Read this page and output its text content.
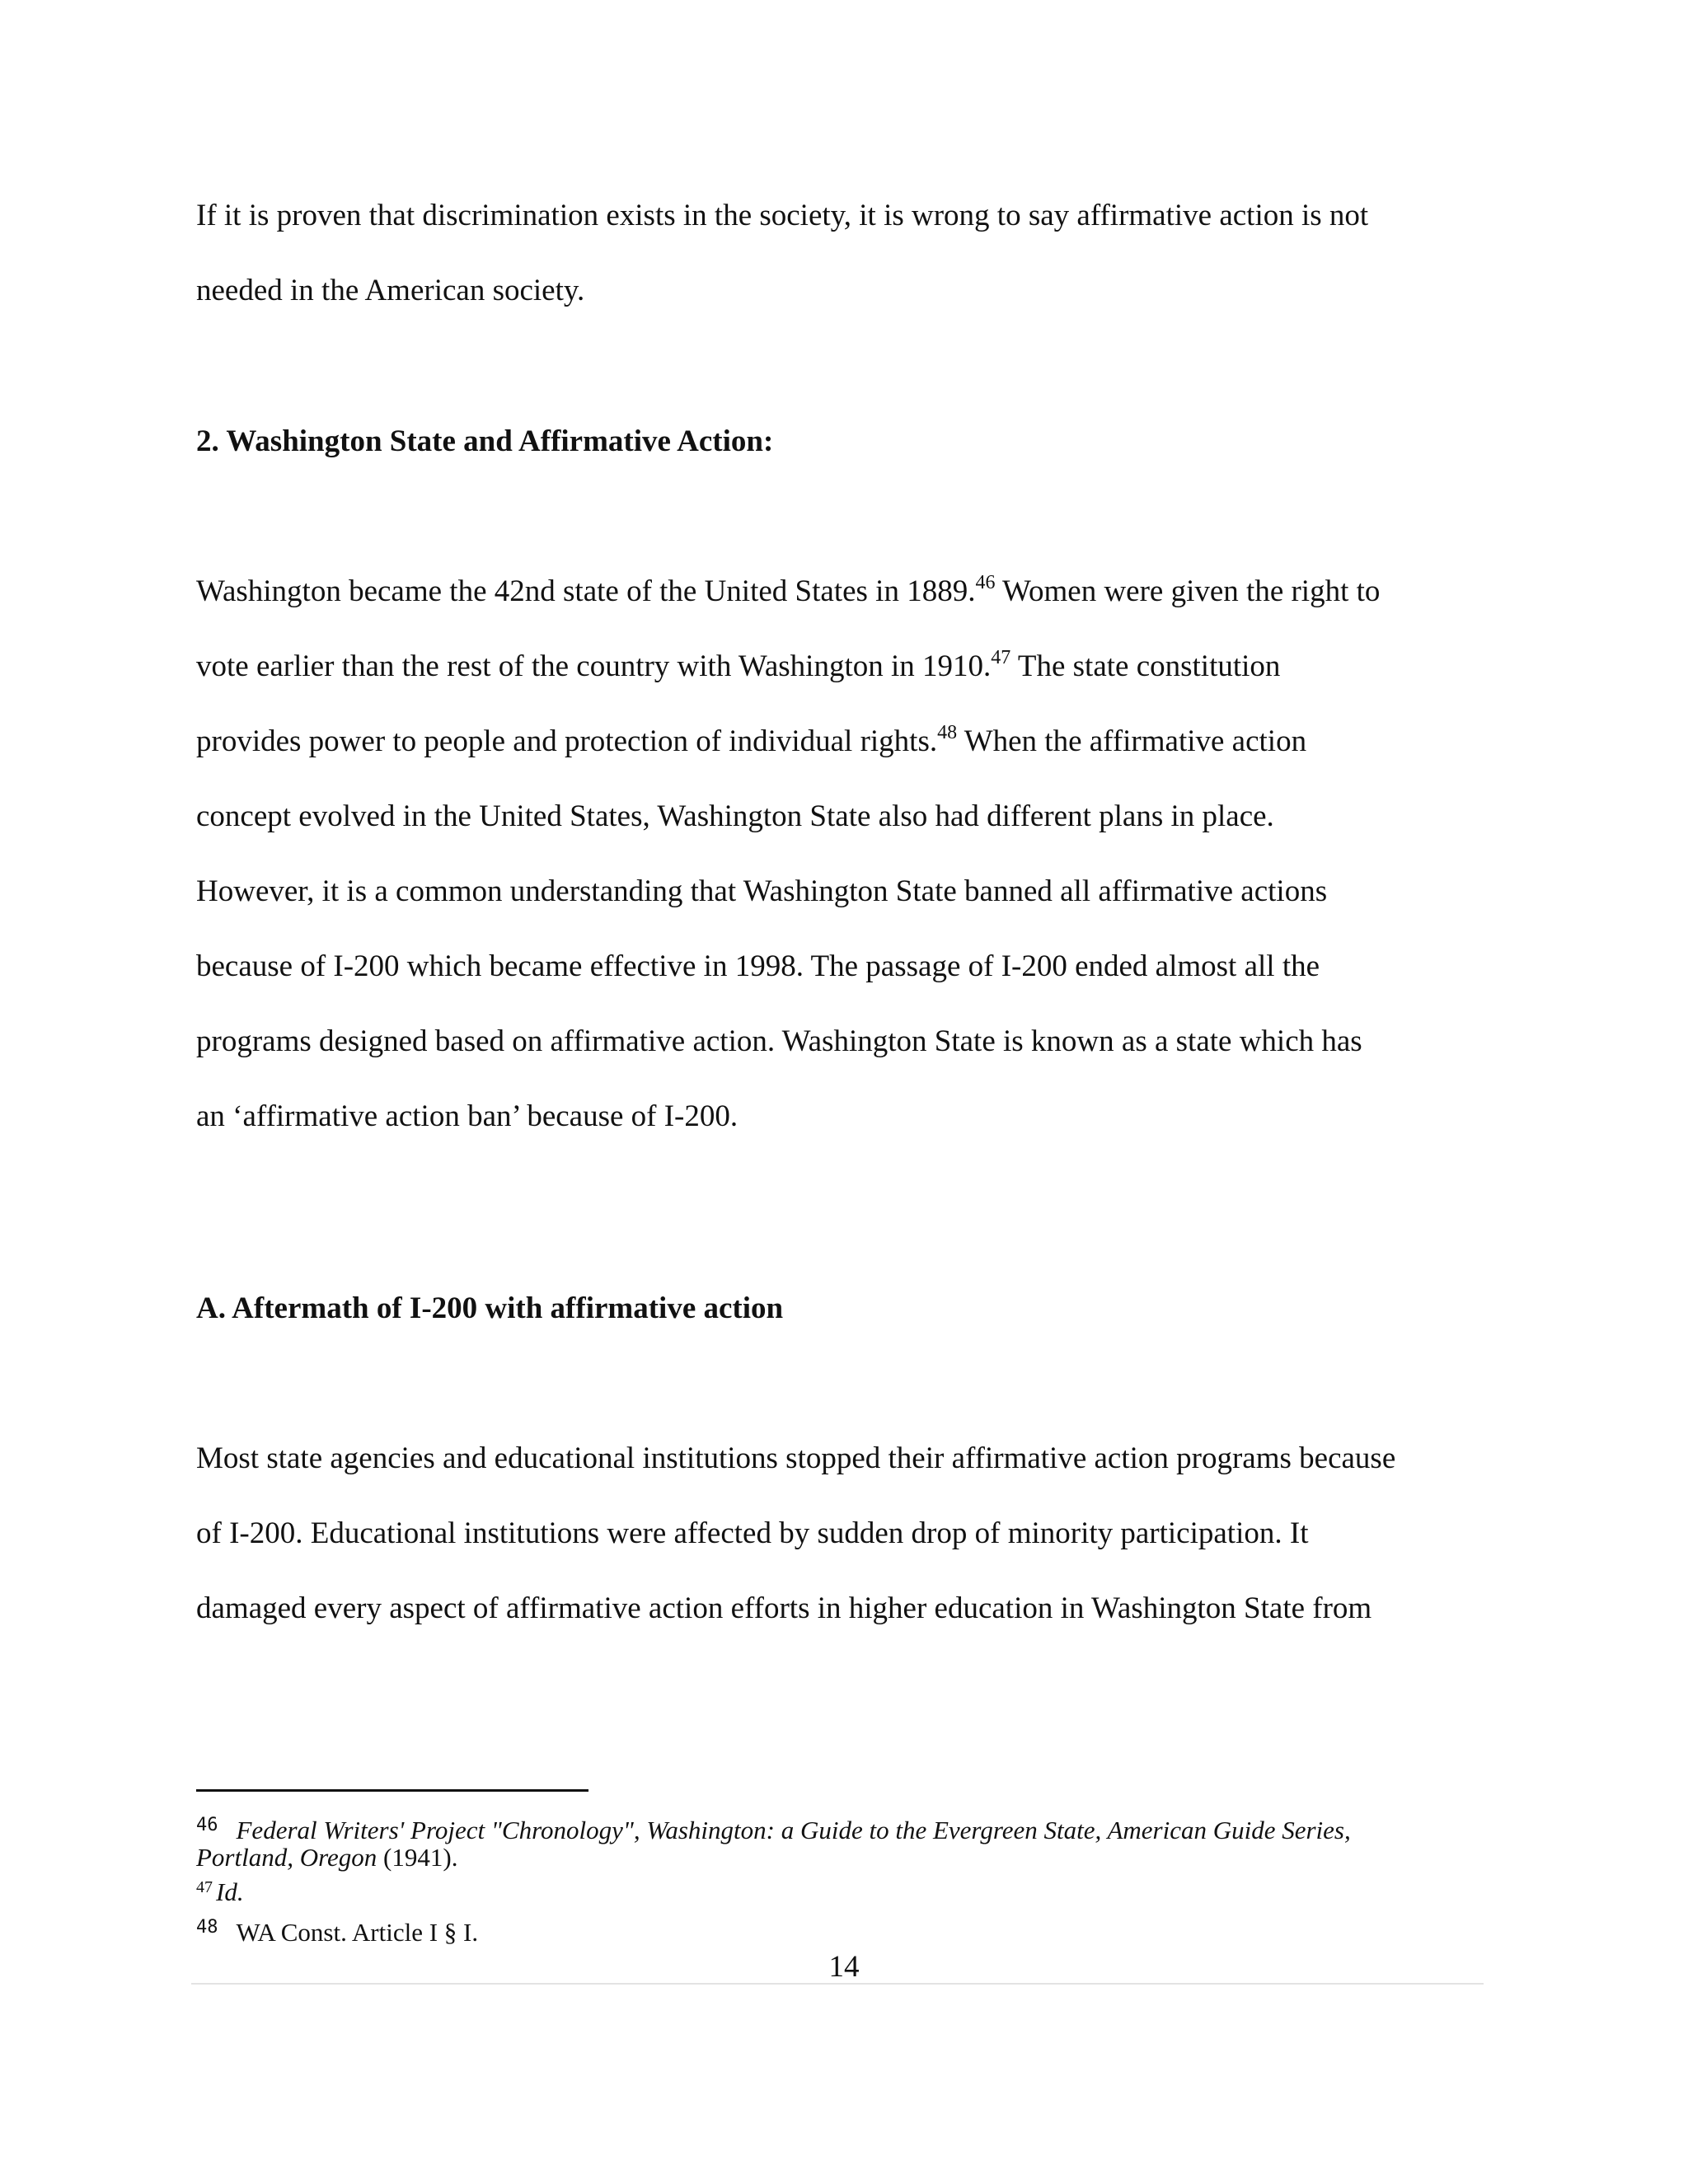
If it is proven that discrimination exists in the society, it is wrong to say affirmative action is not
needed in the American society.
2. Washington State and Affirmative Action:
Washington became the 42nd state of the United States in 1889.46 Women were given the right to
vote earlier than the rest of the country with Washington in 1910.47 The state constitution
provides power to people and protection of individual rights.$^{48}$ When the affirmative action
concept evolved in the United States, Washington State also had different plans in place.
However, it is a common understanding that Washington State banned all affirmative actions
because of I-200 which became effective in 1998. The passage of I-200 ended almost all the
programs designed based on affirmative action. Washington State is known as a state which has
an ‘affirmative action ban’ because of I-200.
A. Aftermath of I-200 with affirmative action
Most state agencies and educational institutions stopped their affirmative action programs because
of I-200. Educational institutions were affected by sudden drop of minority participation. It
damaged every aspect of affirmative action efforts in higher education in Washington State from
$^{46}$ Federal Writers' Project "Chronology", Washington: a Guide to the Evergreen State, American Guide Series,
Portland, Oregon (1941).
$^{47}$ Id.
$^{48}$ WA Const. Article I § I.
14
